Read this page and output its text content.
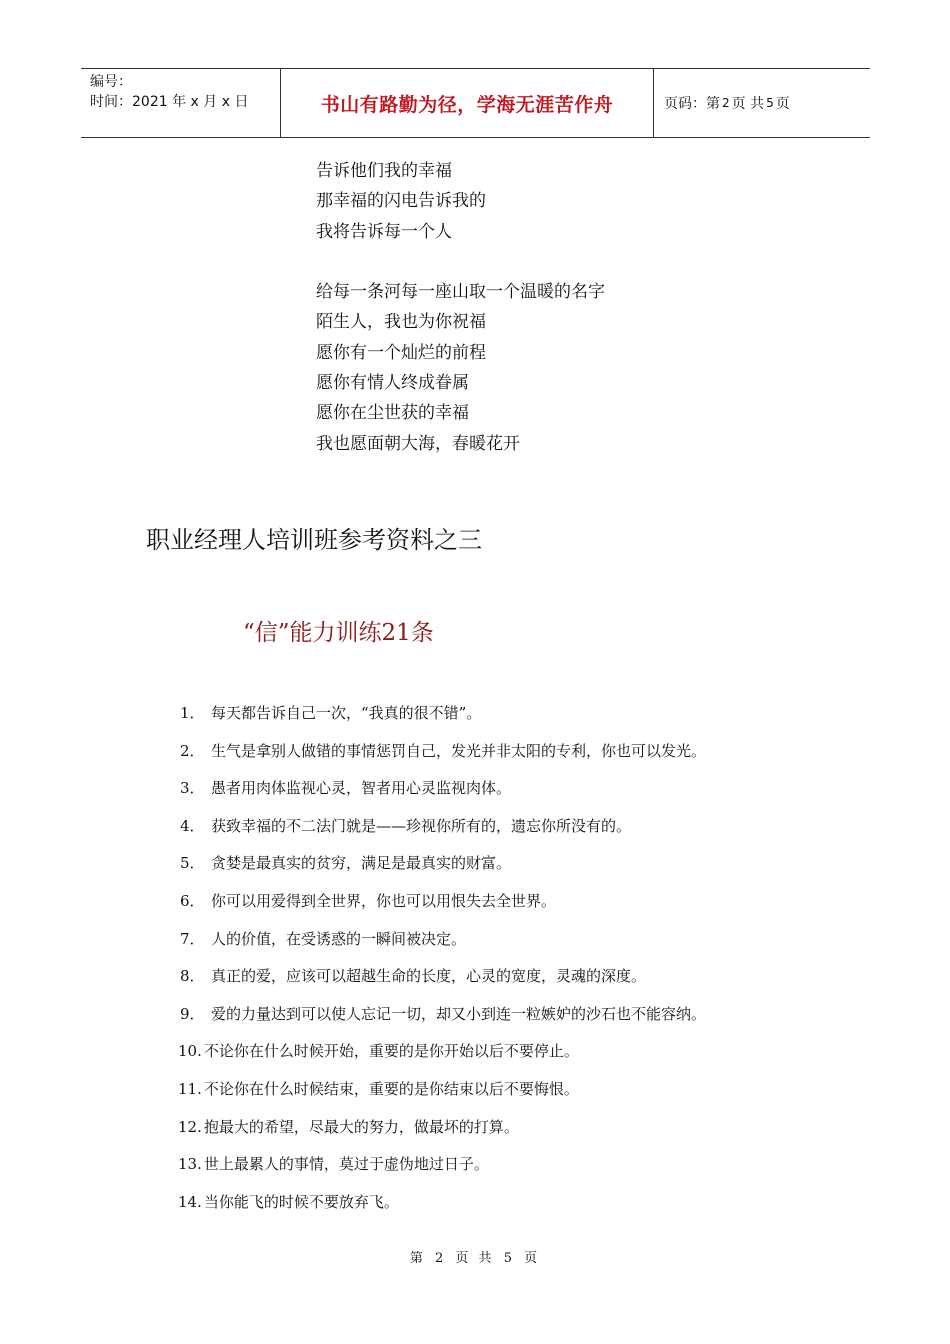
编号：
时间：2021 年 x 月 x 日	书山有路勤为径，学海无涯苦作舟	页码：第 2 页 共 5 页
告诉他们我的幸福
那幸福的闪电告诉我的
我将告诉每一个人
给每一条河每一座山取一个温暖的名字
陌生人，我也为你祝福
愿你有一个灿烂的前程
愿你有情人终成眷属
愿你在尘世获的幸福
我也愿面朝大海，春暖花开
职业经理人培训班参考资料之三
“信”能力训练21条
1． 每天都告诉自己一次，“我真的很不错”。
2． 生气是拿别人做错的事情惩罚自己，发光并非太阳的专利，你也可以发光。
3． 愚者用肉体监视心灵，智者用心灵监视肉体。
4． 获致幸福的不二法门就是——珍视你所有的，遗忘你所没有的。
5． 贪婪是最真实的贫穷，满足是最真实的财富。
6． 你可以用爱得到全世界，你也可以用恨失去全世界。
7． 人的价值，在受诱惑的一瞬间被决定。
8． 真正的爱，应该可以超越生命的长度，心灵的宽度，灵魂的深度。
9． 爱的力量达到可以使人忘记一切，却又小到连一粒嫉妒的沙石也不能容纳。
10. 不论你在什么时候开始，重要的是你开始以后不要停止。
11. 不论你在什么时候结束，重要的是你结束以后不要悔恨。
12. 抱最大的希望，尽最大的努力，做最坏的打算。
13. 世上最累人的事情，莫过于虚伪地过日子。
14. 当你能飞的时候不要放弃飞。
第 2 页 共 5 页
